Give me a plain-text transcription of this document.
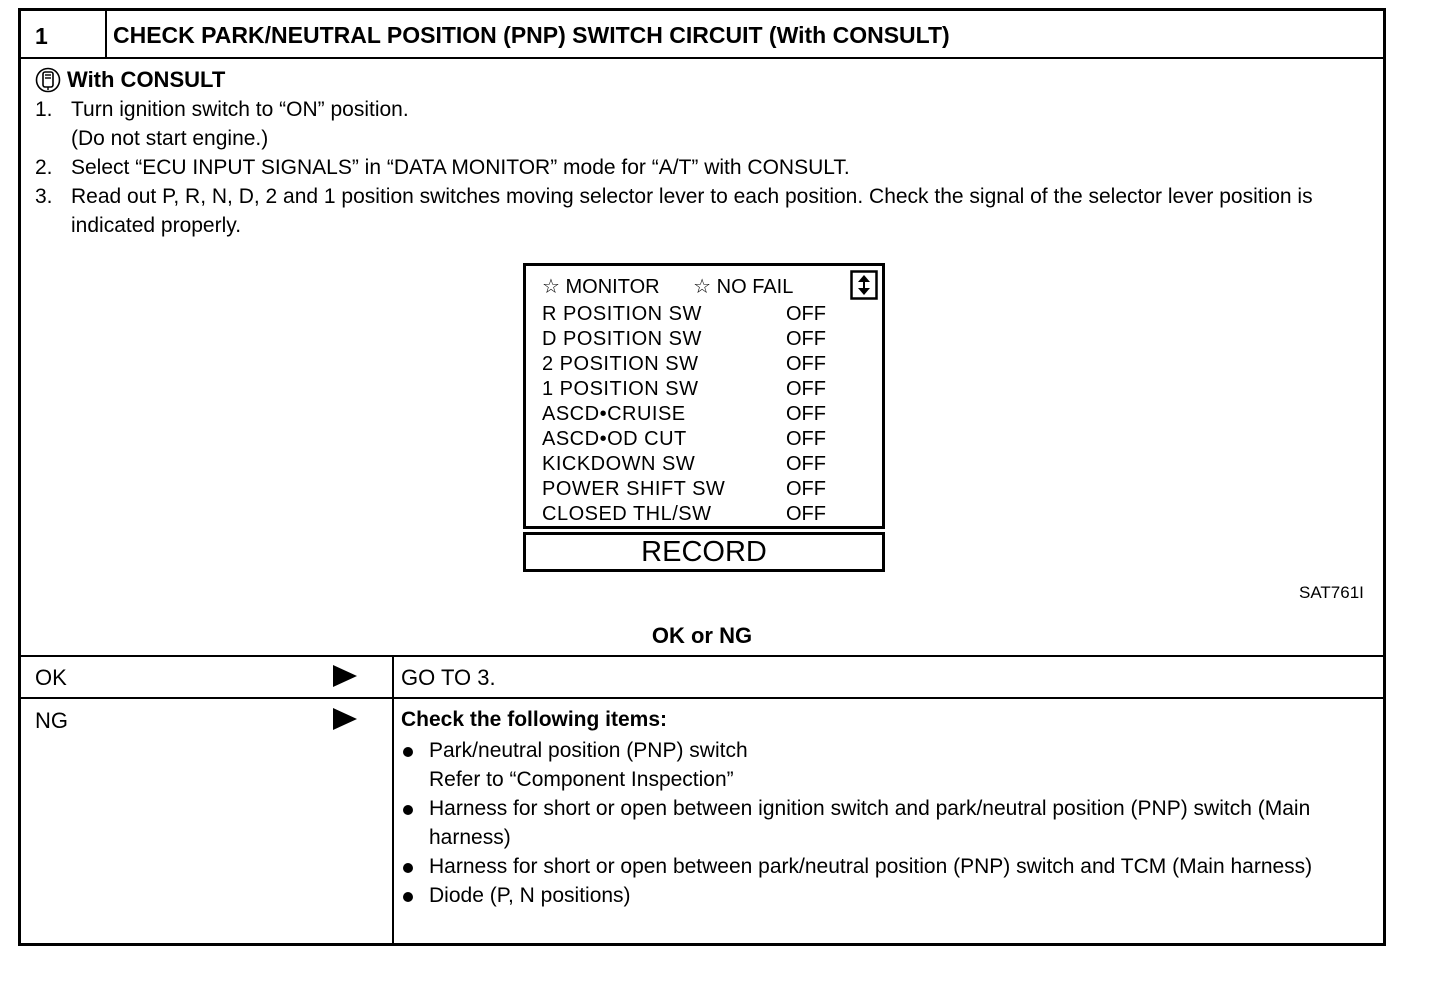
1	CHECK PARK/NEUTRAL POSITION (PNP) SWITCH CIRCUIT (With CONSULT)
With CONSULT
1. Turn ignition switch to “ON” position.
(Do not start engine.)
2. Select “ECU INPUT SIGNALS” in “DATA MONITOR” mode for “A/T” with CONSULT.
3. Read out P, R, N, D, 2 and 1 position switches moving selector lever to each position. Check the signal of the selector lever position is indicated properly.
☆ MONITOR ☆ NO FAIL
R POSITION SW	OFF
D POSITION SW	OFF
2 POSITION SW	OFF
1 POSITION SW	OFF
ASCD•CRUISE	OFF
ASCD•OD CUT	OFF
KICKDOWN SW	OFF
POWER SHIFT SW	OFF
CLOSED THL/SW	OFF
RECORD
SAT761I
OK or NG
OK	GO TO 3.
NG	Check the following items:
Park/neutral position (PNP) switch
Refer to “Component Inspection”
Harness for short or open between ignition switch and park/neutral position (PNP) switch (Main harness)
Harness for short or open between park/neutral position (PNP) switch and TCM (Main harness)
Diode (P, N positions)
